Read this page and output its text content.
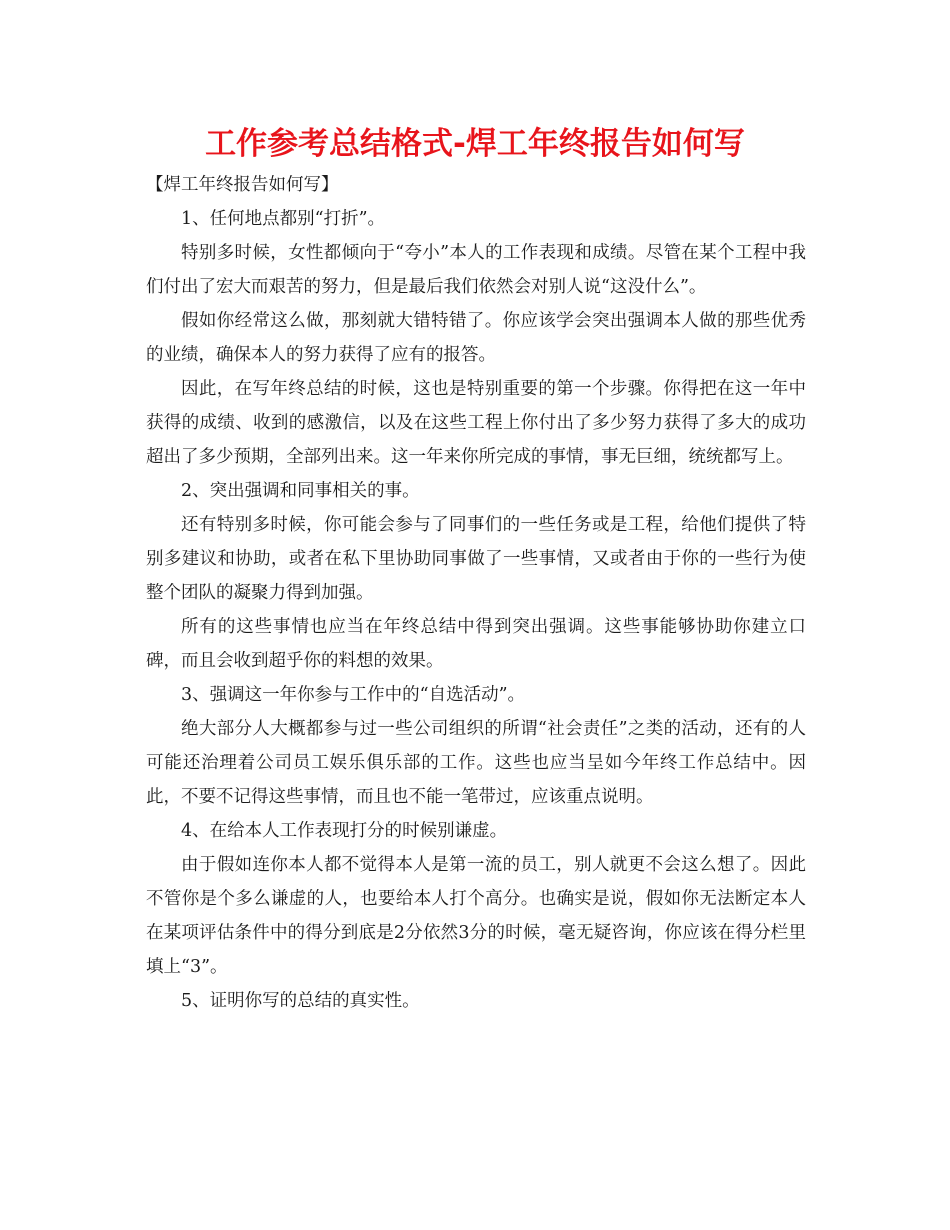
工作参考总结格式-焊工年终报告如何写

【焊工年终报告如何写】

1、任何地点都别“打折”。

特别多时候，女性都倾向于“夸小”本人的工作表现和成绩。尽管在某个工程中我们付出了宏大而艰苦的努力，但是最后我们依然会对别人说“这没什么”。

假如你经常这么做，那刻就大错特错了。你应该学会突出强调本人做的那些优秀的业绩，确保本人的努力获得了应有的报答。

因此，在写年终总结的时候，这也是特别重要的第一个步骤。你得把在这一年中获得的成绩、收到的感激信，以及在这些工程上你付出了多少努力获得了多大的成功超出了多少预期，全部列出来。这一年来你所完成的事情，事无巨细，统统都写上。

2、突出强调和同事相关的事。

还有特别多时候，你可能会参与了同事们的一些任务或是工程，给他们提供了特别多建议和协助，或者在私下里协助同事做了一些事情，又或者由于你的一些行为使整个团队的凝聚力得到加强。

所有的这些事情也应当在年终总结中得到突出强调。这些事能够协助你建立口碑，而且会收到超乎你的料想的效果。

3、强调这一年你参与工作中的“自选活动”。

绝大部分人大概都参与过一些公司组织的所谓“社会责任”之类的活动，还有的人可能还治理着公司员工娱乐俱乐部的工作。这些也应当呈如今年终工作总结中。因此，不要不记得这些事情，而且也不能一笔带过，应该重点说明。

4、在给本人工作表现打分的时候别谦虚。

由于假如连你本人都不觉得本人是第一流的员工，别人就更不会这么想了。因此不管你是个多么谦虚的人，也要给本人打个高分。也确实是说，假如你无法断定本人在某项评估条件中的得分到底是2分依然3分的时候，毫无疑咨询，你应该在得分栏里填上“3”。

5、证明你写的总结的真实性。
